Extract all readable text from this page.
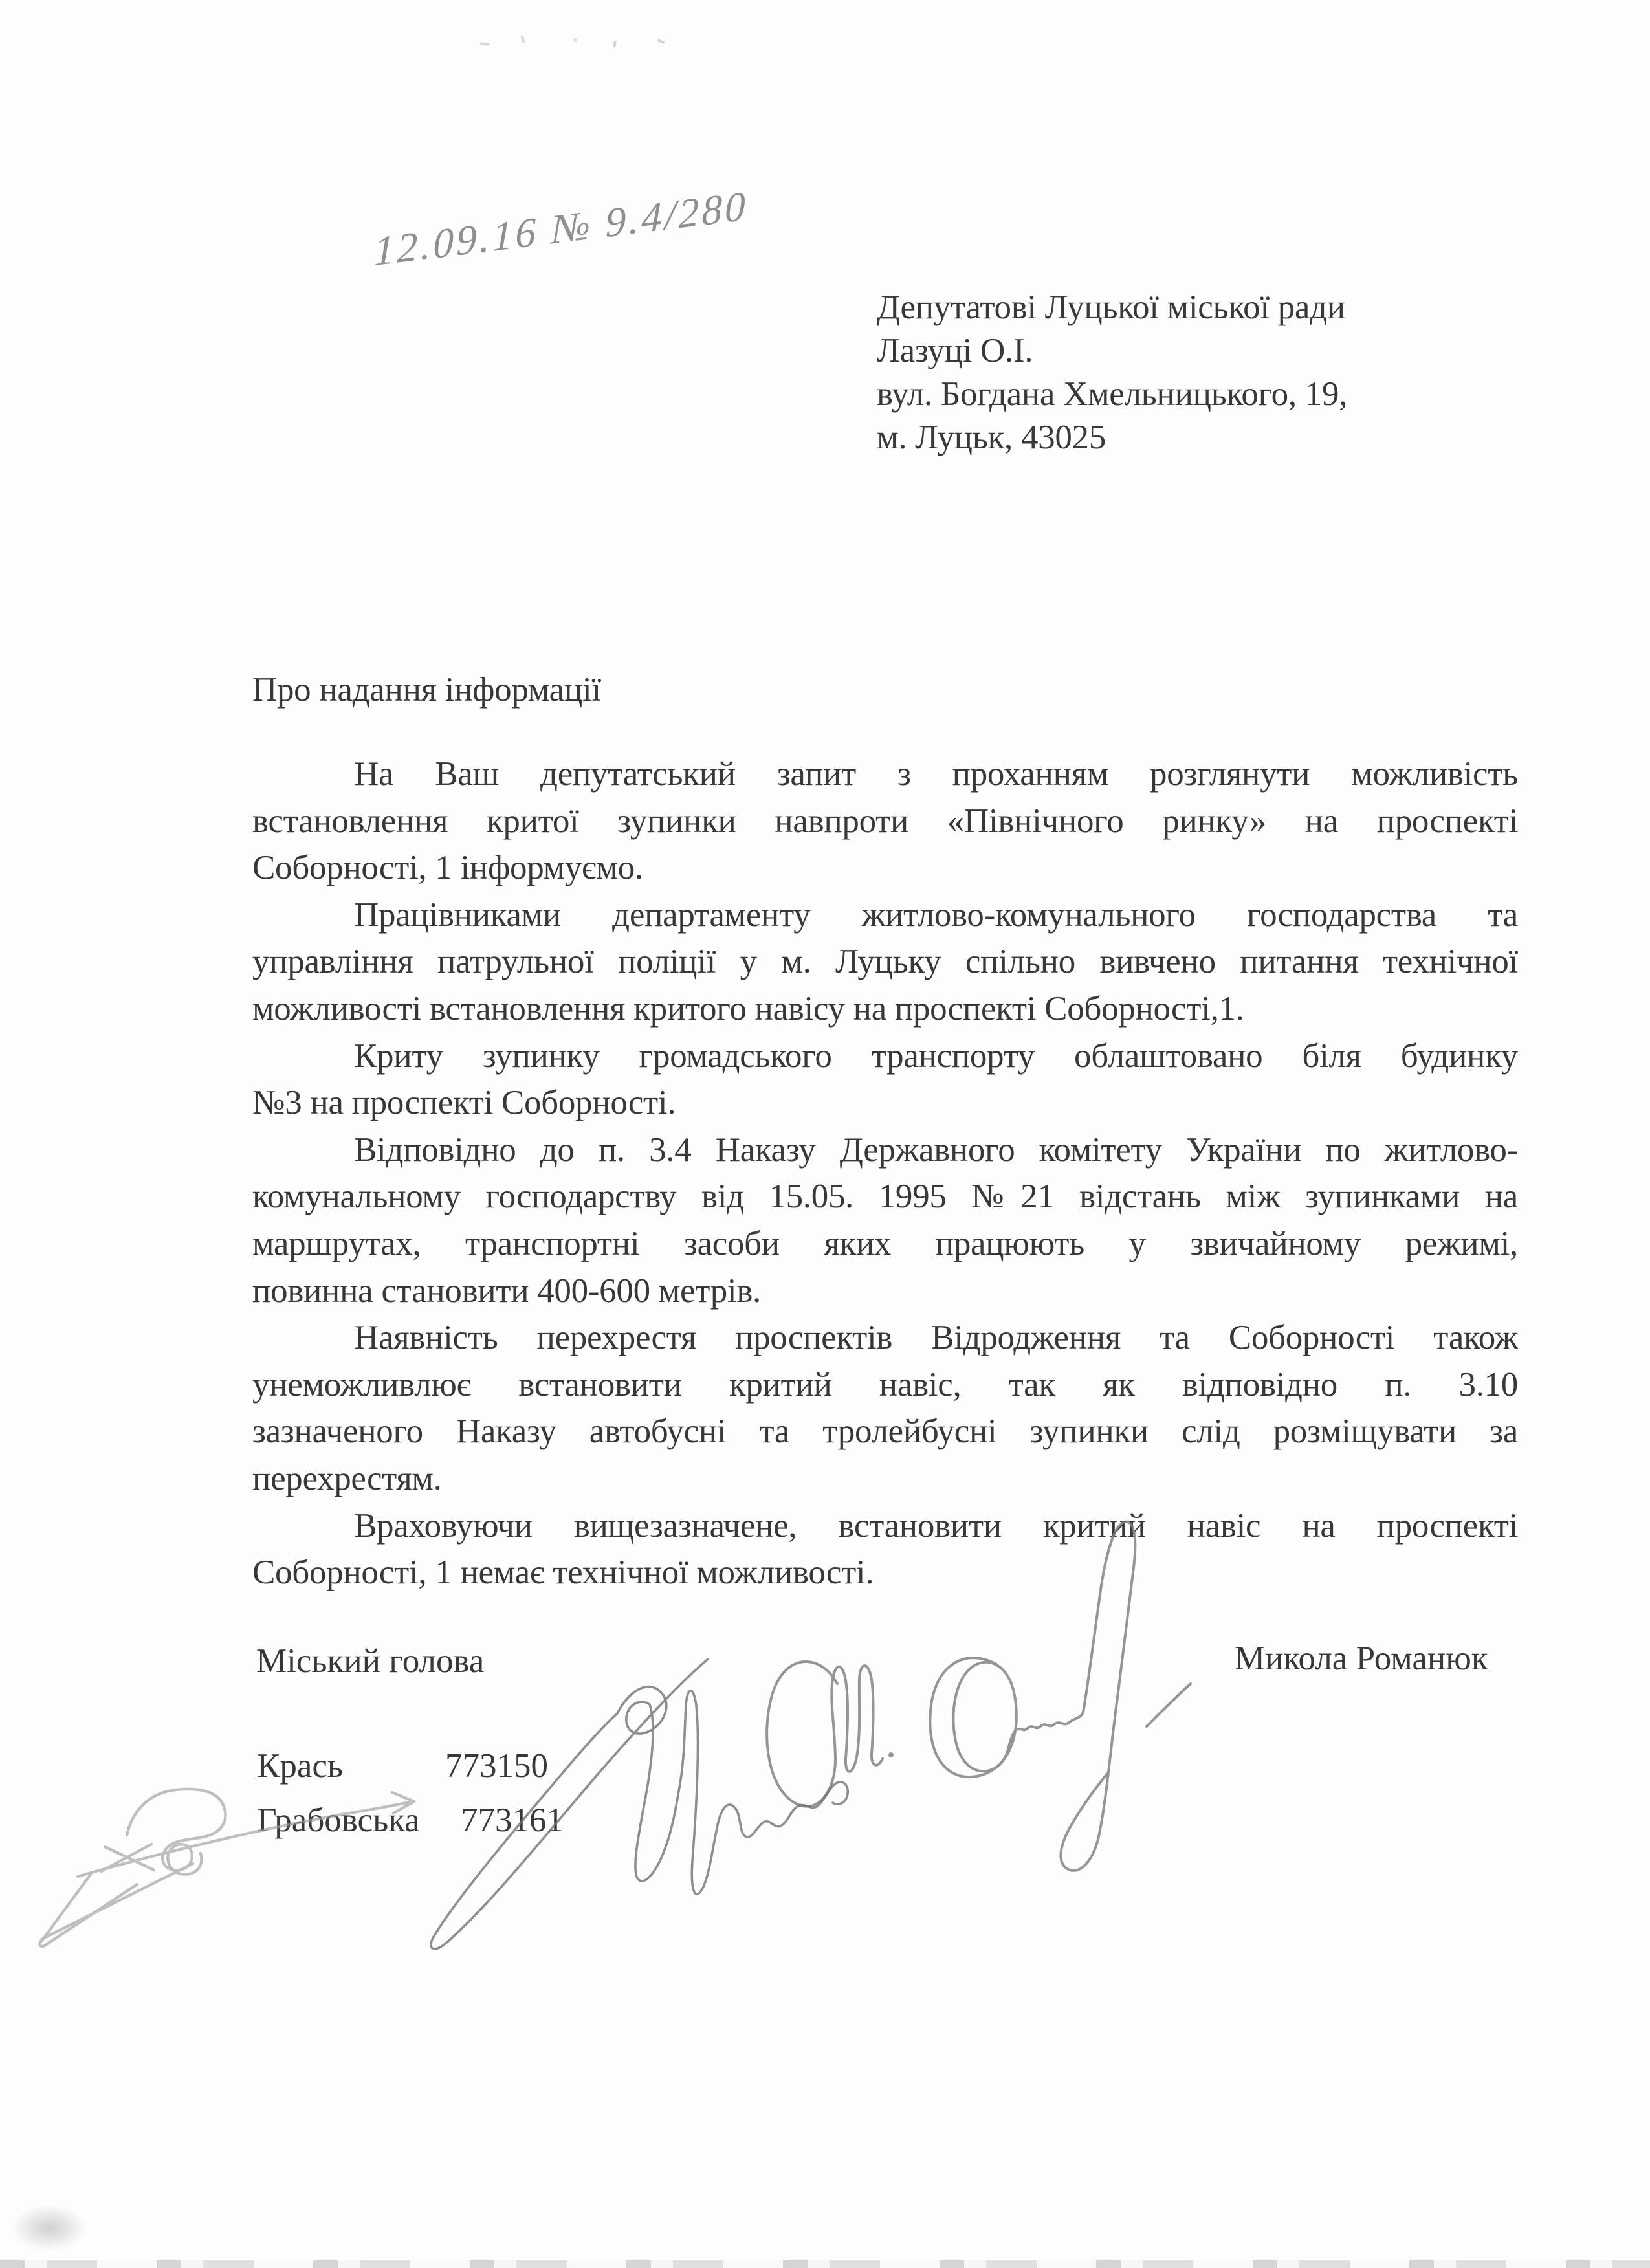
12.09.16 № 9.4/280
Депутатові Луцької міської ради
Лазуці О.І.
вул. Богдана Хмельницького, 19,
м. Луцьк, 43025
Про надання інформації
На Ваш депутатський запит з проханням розглянути можливість
встановлення критої зупинки навпроти «Північного ринку» на проспекті
Соборності, 1 інформуємо.
Працівниками департаменту житлово-комунального господарства та
управління патрульної поліції у м. Луцьку спільно вивчено питання технічної
можливості встановлення критого навісу на проспекті Соборності,1.
Криту зупинку громадського транспорту облаштовано біля будинку
№3 на проспекті Соборності.
Відповідно до п. 3.4 Наказу Державного комітету України по житлово-
комунальному господарству від 15.05. 1995 №21 відстань між зупинками на
маршрутах, транспортні засоби яких працюють у звичайному режимі,
повинна становити 400-600 метрів.
Наявність перехрестя проспектів Відродження та Соборності також
унеможливлює встановити критий навіс, так як відповідно п. 3.10
зазначеного Наказу автобусні та тролейбусні зупинки слід розміщувати за
перехрестям.
Враховуючи вищезазначене, встановити критий навіс на проспекті
Соборності, 1 немає технічної можливості.
Міський голова	Микола Романюк
Крась	773150
Грабовська 773161
